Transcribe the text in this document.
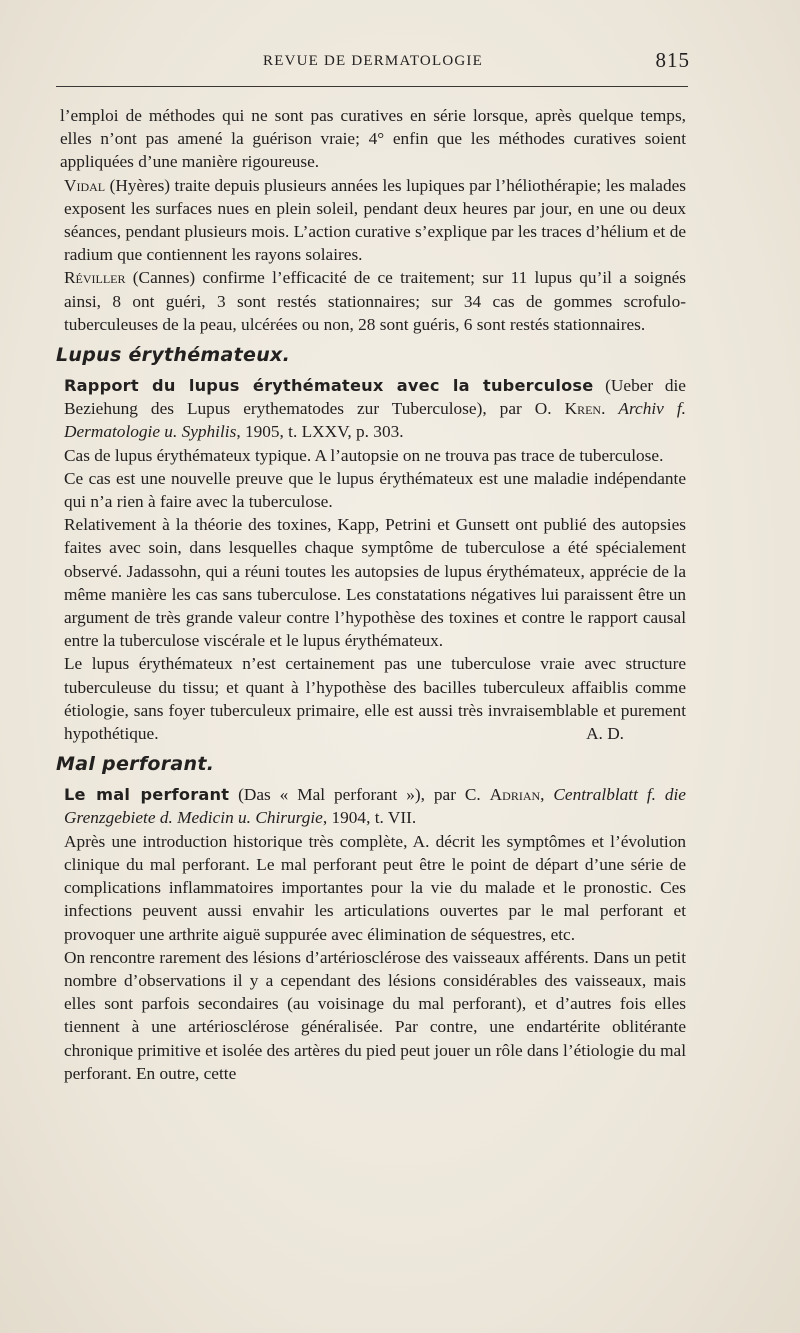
REVUE DE DERMATOLOGIE	815

l’emploi de méthodes qui ne sont pas curatives en série lorsque, après quelque temps, elles n’ont pas amené la guérison vraie; 4° enfin que les méthodes curatives soient appliquées d’une manière rigoureuse.

Vidal (Hyères) traite depuis plusieurs années les lupiques par l’héliothérapie; les malades exposent les surfaces nues en plein soleil, pendant deux heures par jour, en une ou deux séances, pendant plusieurs mois. L’action curative s’explique par les traces d’hélium et de radium que contiennent les rayons solaires.

Réviller (Cannes) confirme l’efficacité de ce traitement; sur 11 lupus qu’il a soignés ainsi, 8 ont guéri, 3 sont restés stationnaires; sur 34 cas de gommes scrofulo-tuberculeuses de la peau, ulcérées ou non, 28 sont guéris, 6 sont restés stationnaires.

Lupus érythémateux.

Rapport du lupus érythémateux avec la tuberculose (Ueber die Beziehung des Lupus erythematodes zur Tuberculose), par O. Kren. Archiv f. Dermatologie u. Syphilis, 1905, t. LXXV, p. 303.

Cas de lupus érythémateux typique. A l’autopsie on ne trouva pas trace de tuberculose.

Ce cas est une nouvelle preuve que le lupus érythémateux est une maladie indépendante qui n’a rien à faire avec la tuberculose.

Relativement à la théorie des toxines, Kapp, Petrini et Gunsett ont publié des autopsies faites avec soin, dans lesquelles chaque symptôme de tuberculose a été spécialement observé. Jadassohn, qui a réuni toutes les autopsies de lupus érythémateux, apprécie de la même manière les cas sans tuberculose. Les constatations négatives lui paraissent être un argument de très grande valeur contre l’hypothèse des toxines et contre le rapport causal entre la tuberculose viscérale et le lupus érythémateux.

Le lupus érythémateux n’est certainement pas une tuberculose vraie avec structure tuberculeuse du tissu; et quant à l’hypothèse des bacilles tuberculeux affaiblis comme étiologie, sans foyer tuberculeux primaire, elle est aussi très invraisemblable et purement hypothétique.	A. D.

Mal perforant.

Le mal perforant (Das « Mal perforant »), par C. Adrian, Centralblatt f. die Grenzgebiete d. Medicin u. Chirurgie, 1904, t. VII.

Après une introduction historique très complète, A. décrit les symptômes et l’évolution clinique du mal perforant. Le mal perforant peut être le point de départ d’une série de complications inflammatoires importantes pour la vie du malade et le pronostic. Ces infections peuvent aussi envahir les articulations ouvertes par le mal perforant et provoquer une arthrite aiguë suppurée avec élimination de séquestres, etc.

On rencontre rarement des lésions d’artériosclérose des vaisseaux afférents. Dans un petit nombre d’observations il y a cependant des lésions considérables des vaisseaux, mais elles sont parfois secondaires (au voisinage du mal perforant), et d’autres fois elles tiennent à une artériosclérose généralisée. Par contre, une endartérite oblitérante chronique primitive et isolée des artères du pied peut jouer un rôle dans l’étiologie du mal perforant. En outre, cette
